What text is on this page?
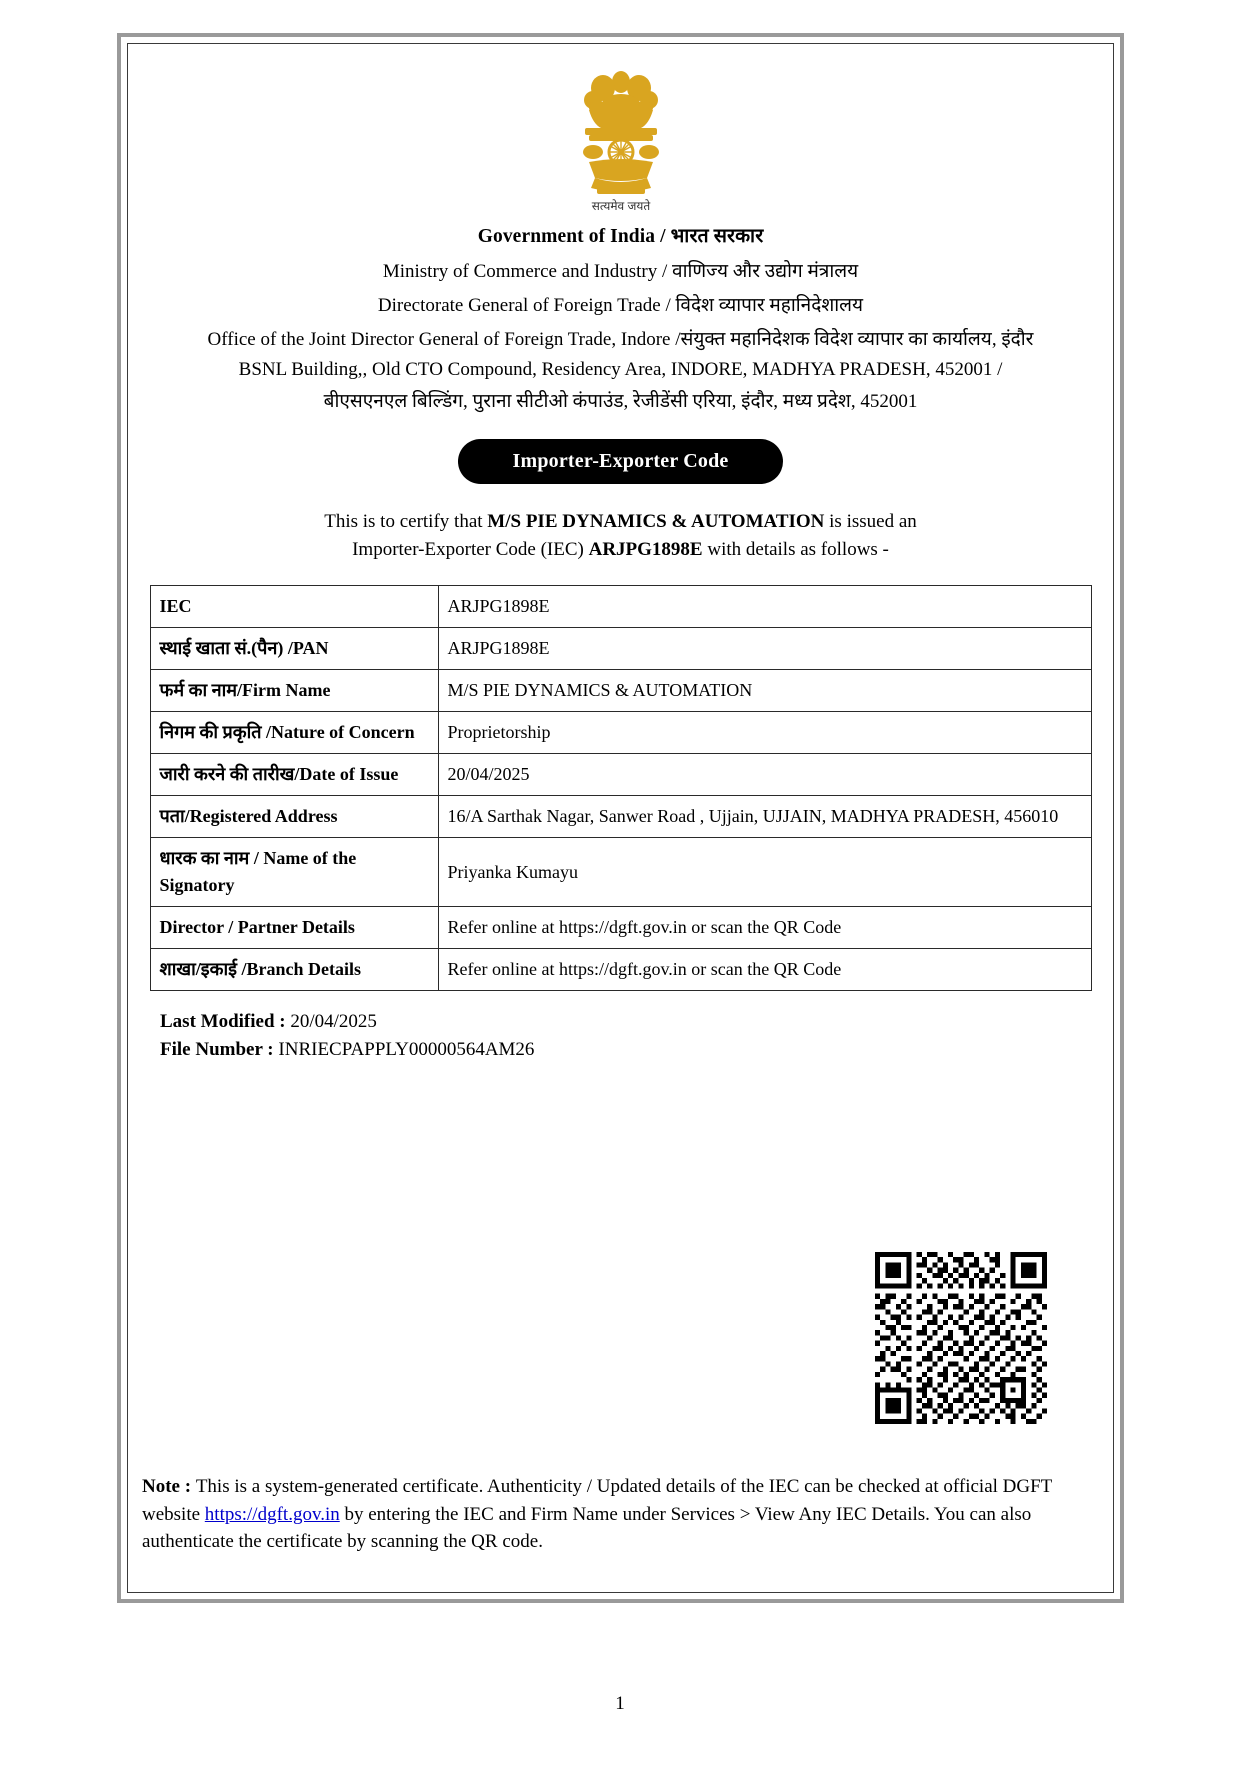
सत्यमेव जयते
Government of India / भारत सरकार
Ministry of Commerce and Industry / वाणिज्य और उद्योग मंत्रालय
Directorate General of Foreign Trade / विदेश व्यापार महानिदेशालय
Office of the Joint Director General of Foreign Trade, Indore /संयुक्त महानिदेशक विदेश व्यापार का कार्यालय, इंदौर
BSNL Building,, Old CTO Compound, Residency Area, INDORE, MADHYA PRADESH, 452001 /
बीएसएनएल बिल्डिंग, पुराना सीटीओ कंपाउंड, रेजीडेंसी एरिया, इंदौर, मध्य प्रदेश, 452001
Importer-Exporter Code
This is to certify that M/S PIE DYNAMICS & AUTOMATION is issued an
Importer-Exporter Code (IEC) ARJPG1898E with details as follows -
IEC	ARJPG1898E
स्थाई खाता सं.(पैन) /PAN	ARJPG1898E
फर्म का नाम/Firm Name	M/S PIE DYNAMICS & AUTOMATION
निगम की प्रकृति /Nature of Concern	Proprietorship
जारी करने की तारीख/Date of Issue	20/04/2025
पता/Registered Address	16/A Sarthak Nagar, Sanwer Road , Ujjain, UJJAIN, MADHYA PRADESH, 456010
धारक का नाम / Name of the Signatory	Priyanka Kumayu
Director / Partner Details	Refer online at https://dgft.gov.in or scan the QR Code
शाखा/इकाई /Branch Details	Refer online at https://dgft.gov.in or scan the QR Code
Last Modified : 20/04/2025
File Number : INRIECPAPPLY00000564AM26
Note : This is a system-generated certificate. Authenticity / Updated details of the IEC can be checked at official DGFT website https://dgft.gov.in by entering the IEC and Firm Name under Services > View Any IEC Details. You can also authenticate the certificate by scanning the QR code.
1
